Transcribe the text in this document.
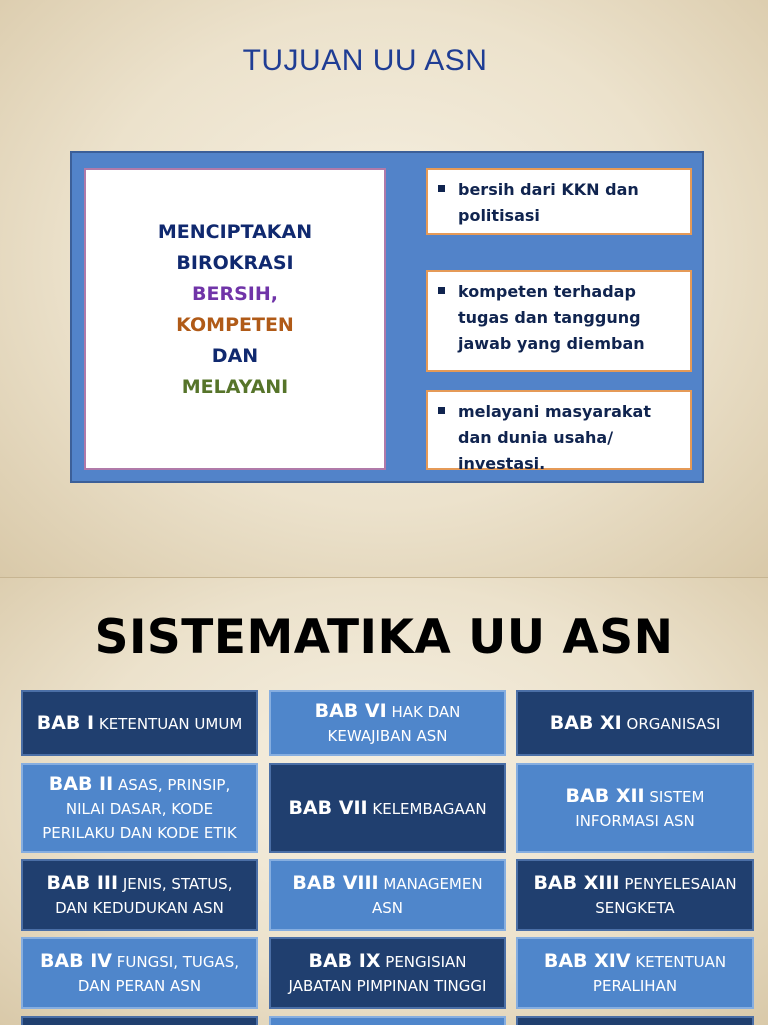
TUJUAN UU ASN
MENCIPTAKAN
BIROKRASI
BERSIH,
KOMPETEN
DAN
MELAYANI
bersih dari KKN dan politisasi
kompeten terhadap tugas dan tanggung jawab yang diemban
melayani masyarakat dan dunia usaha/ investasi.
SISTEMATIKA UU ASN
BAB I KETENTUAN UMUM
BAB II ASAS, PRINSIP, NILAI DASAR, KODE PERILAKU DAN KODE ETIK
BAB III JENIS, STATUS, DAN KEDUDUKAN ASN
BAB IV FUNGSI, TUGAS, DAN PERAN ASN
BAB VI HAK DAN KEWAJIBAN ASN
BAB VII KELEMBAGAAN
BAB VIII MANAGEMEN ASN
BAB IX PENGISIAN JABATAN PIMPINAN TINGGI
BAB XI ORGANISASI
BAB XII SISTEM INFORMASI ASN
BAB XIII PENYELESAIAN SENGKETA
BAB XIV KETENTUAN PERALIHAN
